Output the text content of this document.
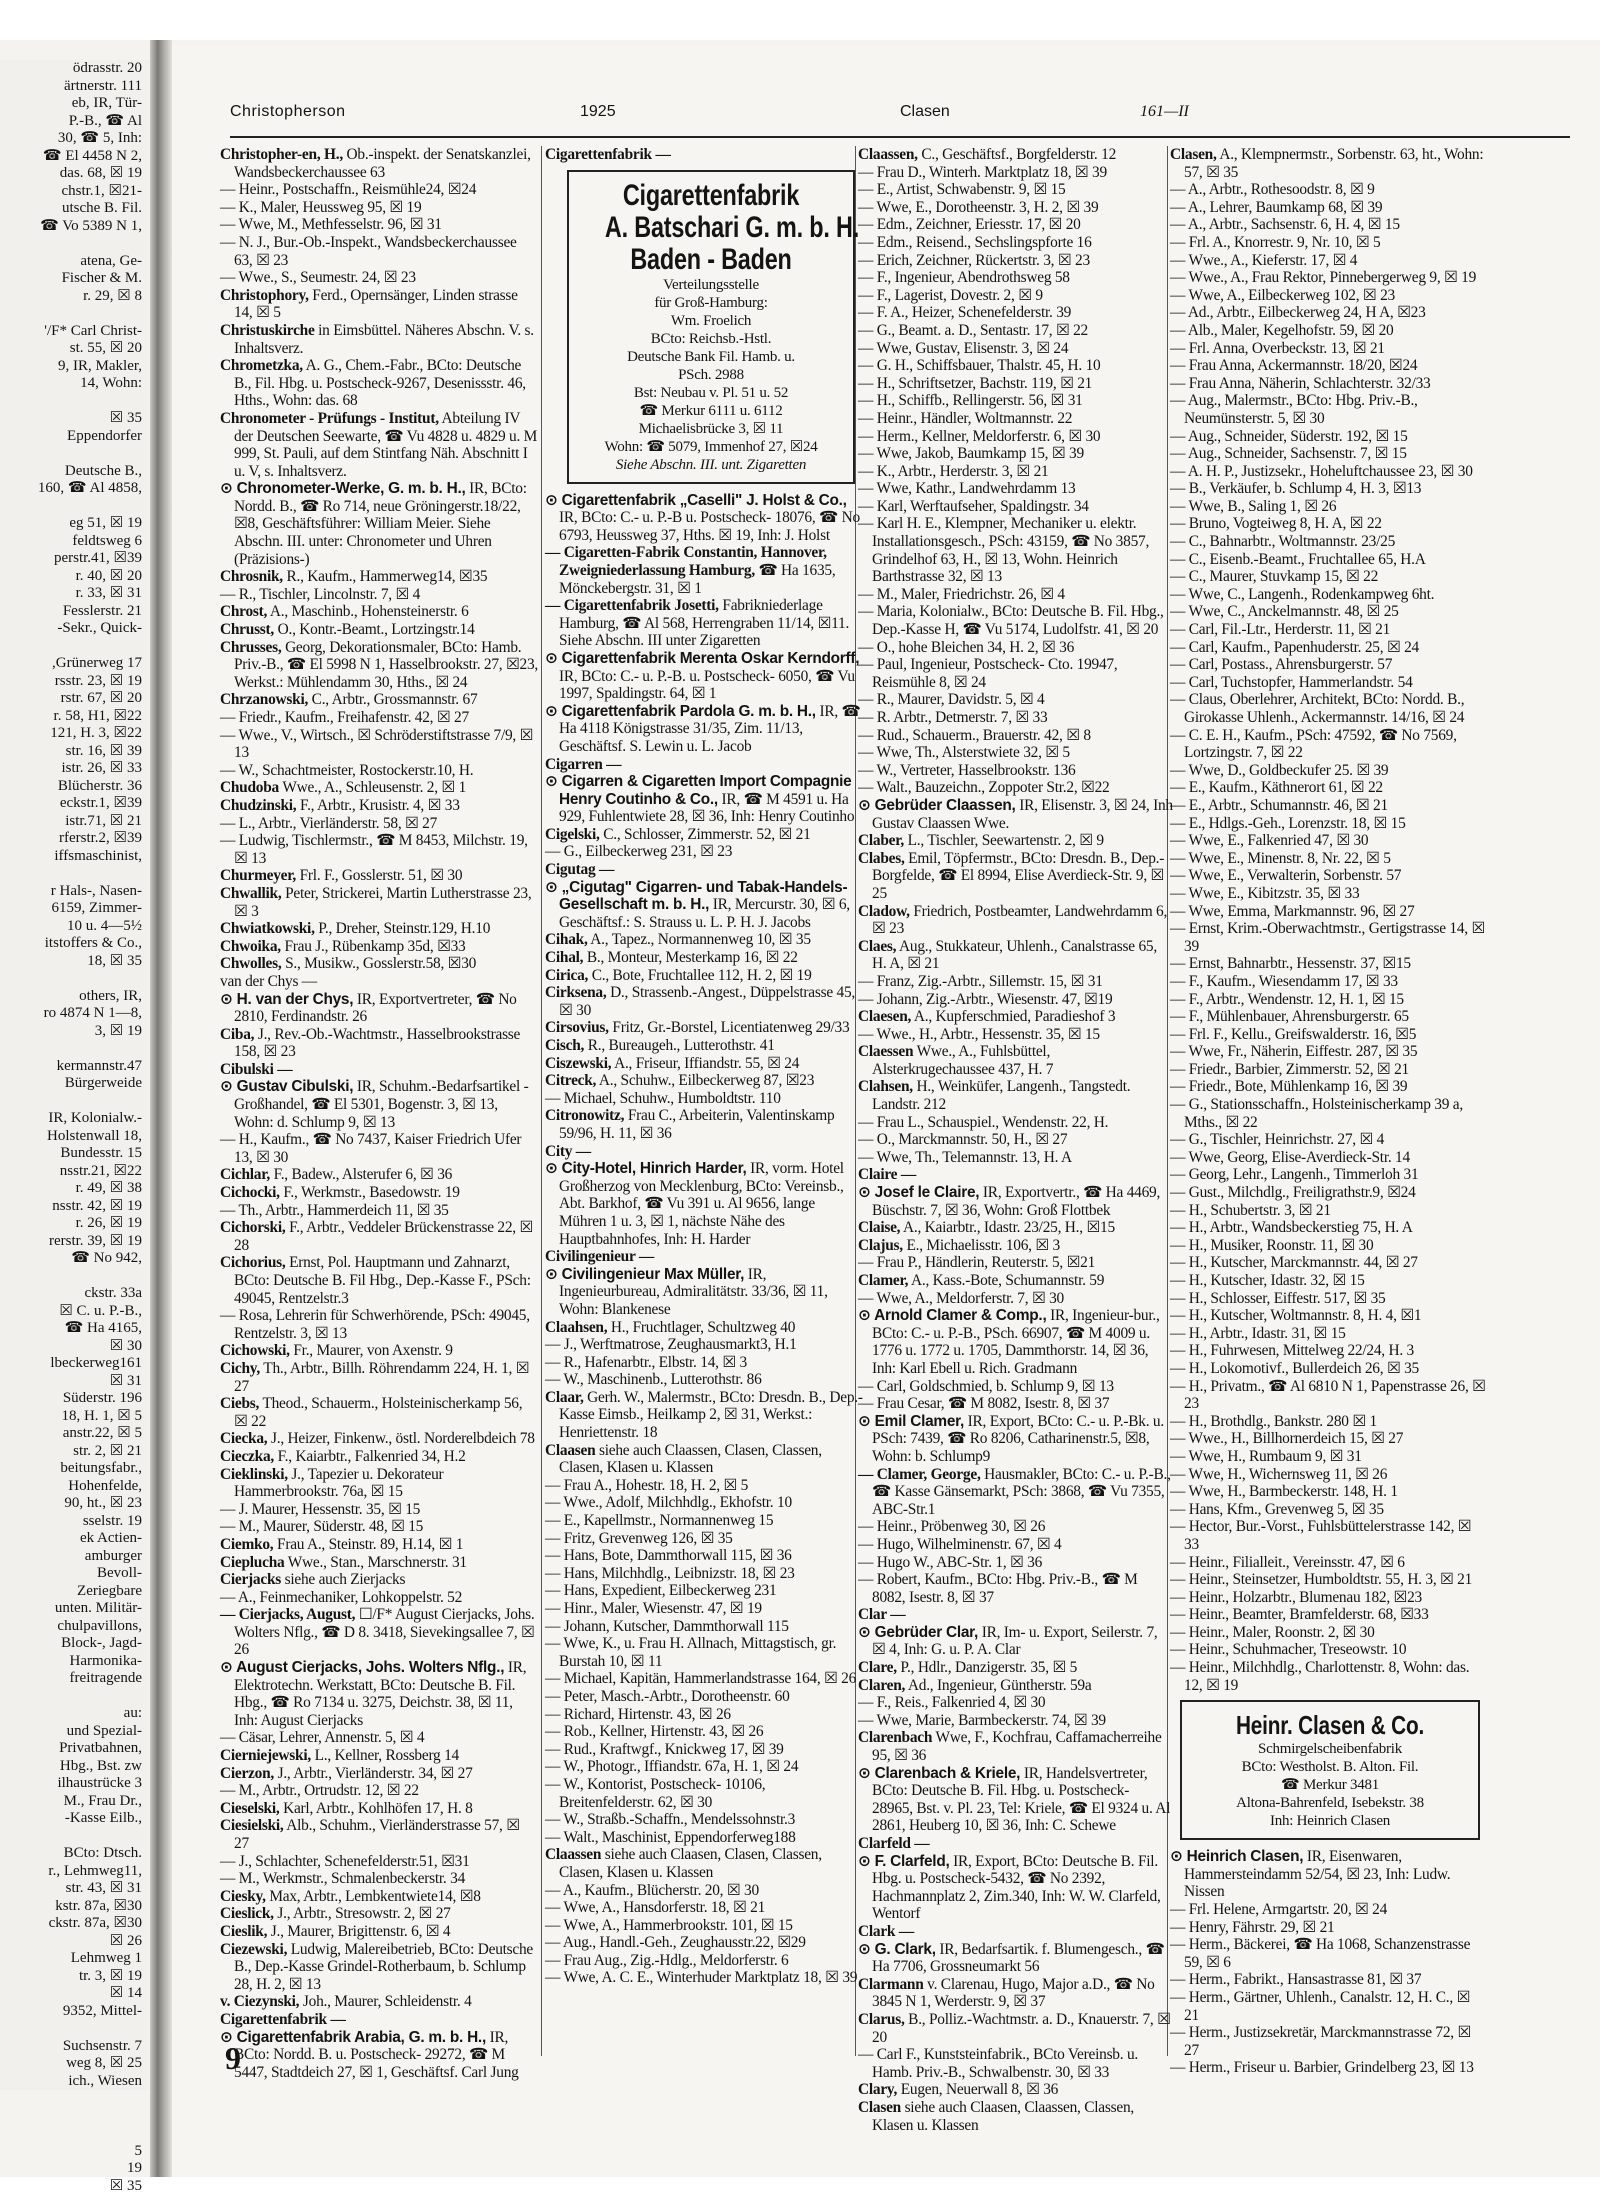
ödrasstr. 20
ärtnerstr. 111
eb, IR, Tür-
P.-B., ☎ Al
30, ☎ 5, Inh:
☎ El 4458 N 2,
das. 68, ☒ 19
chstr.1, ☒21-
utsche B. Fil.
☎ Vo 5389 N 1,
atena, Ge-
Fischer & M.
r. 29, ☒ 8
'/F* Carl Christ-
st. 55, ☒ 20
9, IR, Makler,
14, Wohn:
☒ 35
Eppendorfer
Deutsche B.,
160, ☎ Al 4858,
eg 51, ☒ 19
feldtsweg 6
perstr.41, ☒39
r. 40, ☒ 20
r. 33, ☒ 31
Fesslerstr. 21
-Sekr., Quick-
,Grünerweg 17
rsstr. 23, ☒ 19
rstr. 67, ☒ 20
r. 58, H1, ☒22
121, H. 3, ☒22
str. 16, ☒ 39
istr. 26, ☒ 33
Blücherstr. 36
eckstr.1, ☒39
istr.71, ☒ 21
rferstr.2, ☒39
iffsmaschinist,
r Hals-, Nasen-
6159, Zimmer-
10 u. 4—5½
itstoffers & Co.,
18, ☒ 35
others, IR,
ro 4874 N 1—8,
3, ☒ 19
kermannstr.47
Bürgerweide
IR, Kolonialw.-
Holstenwall 18,
Bundesstr. 15
nsstr.21, ☒22
r. 49, ☒ 38
nsstr. 42, ☒ 19
r. 26, ☒ 19
rerstr. 39, ☒ 19
☎ No 942,
ckstr. 33a
☒ C. u. P.-B.,
☎ Ha 4165,
☒ 30
lbeckerweg161
☒ 31
Süderstr. 196
18, H. 1, ☒ 5
anstr.22, ☒ 5
str. 2, ☒ 21
beitungsfabr.,
Hohenfelde,
90, ht., ☒ 23
sselstr. 19
ek Actien-
amburger
Bevoll-
Zeriegbare
unten. Militär-
chulpavillons,
Block-, Jagd-
Harmonika-
freitragende
au:
und Spezial-
Privatbahnen,
Hbg., Bst. zw
ilhaustrücke 3
M., Frau Dr.,
-Kasse Eilb.,
BCto: Dtsch.
r., Lehmweg11,
str. 43, ☒ 31
kstr. 87a, ☒30
ckstr. 87a, ☒30
☒ 26
Lehmweg 1
tr. 3, ☒ 19
☒ 14
9352, Mittel-
Suchsenstr. 7
weg 8, ☒ 25
ich., Wiesen
5
19
☒ 35
Christopherson	1925	Clasen	161—II
Christopher-en, H., Ob.-inspekt. der Senatskanzlei, Wandsbeckerchaussee 63
— Heinr., Postschaffn., Reismühle24, ☒24
— K., Maler, Heussweg 95, ☒ 19
— Wwe, M., Methfesselstr. 96, ☒ 31
— N. J., Bur.-Ob.-Inspekt., Wandsbeckerchaussee 63, ☒ 23
— Wwe., S., Seumestr. 24, ☒ 23
Christophory, Ferd., Opernsänger, Linden strasse 14, ☒ 5
Christuskirche in Eimsbüttel. Näheres Abschn. V. s. Inhaltsverz.
Chrometzka, A. G., Chem.-Fabr., BCto: Deutsche B., Fil. Hbg. u. Postscheck-9267, Desenissstr. 46, Hths., Wohn: das. 68
Chronometer - Prüfungs - Institut, Abteilung IV der Deutschen Seewarte, ☎ Vu 4828 u. 4829 u. M 999, St. Pauli, auf dem Stintfang Näh. Abschnitt I u. V, s. Inhaltsverz.
⊙ Chronometer-Werke, G. m. b. H., IR, BCto: Nordd. B., ☎ Ro 714, neue Gröningerstr.18/22, ☒8, Geschäftsführer: William Meier. Siehe Abschn. III. unter: Chronometer und Uhren (Präzisions-)
Chrosnik, R., Kaufm., Hammerweg14, ☒35
— R., Tischler, Lincolnstr. 7, ☒ 4
Chrost, A., Maschinb., Hohensteinerstr. 6
Chrusst, O., Kontr.-Beamt., Lortzingstr.14
Chrusses, Georg, Dekorationsmaler, BCto: Hamb. Priv.-B., ☎ El 5998 N 1, Hasselbrookstr. 27, ☒23, Werkst.: Mühlendamm 30, Hths., ☒ 24
Chrzanowski, C., Arbtr., Grossmannstr. 67
— Friedr., Kaufm., Freihafenstr. 42, ☒ 27
— Wwe., V., Wirtsch., ☒ Schröderstiftstrasse 7/9, ☒ 13
— W., Schachtmeister, Rostockerstr.10, H.
Chudoba Wwe., A., Schleusenstr. 2, ☒ 1
Chudzinski, F., Arbtr., Krusistr. 4, ☒ 33
— L., Arbtr., Vierländerstr. 58, ☒ 27
— Ludwig, Tischlermstr., ☎ M 8453, Milchstr. 19, ☒ 13
Churmeyer, Frl. F., Gosslerstr. 51, ☒ 30
Chwallik, Peter, Strickerei, Martin Lutherstrasse 23, ☒ 3
Chwiatkowski, P., Dreher, Steinstr.129, H.10
Chwoika, Frau J., Rübenkamp 35d, ☒33
Chwolles, S., Musikw., Gosslerstr.58, ☒30
van der Chys —
⊙ H. van der Chys, IR, Exportvertreter, ☎ No 2810, Ferdinandstr. 26
Ciba, J., Rev.-Ob.-Wachtmstr., Hasselbrookstrasse 158, ☒ 23
Cibulski —
⊙ Gustav Cibulski, IR, Schuhm.-Bedarfsartikel - Großhandel, ☎ El 5301, Bogenstr. 3, ☒ 13, Wohn: d. Schlump 9, ☒ 13
— H., Kaufm., ☎ No 7437, Kaiser Friedrich Ufer 13, ☒ 30
Cichlar, F., Badew., Alsterufer 6, ☒ 36
Cichocki, F., Werkmstr., Basedowstr. 19
— Th., Arbtr., Hammerdeich 11, ☒ 35
Cichorski, F., Arbtr., Veddeler Brückenstrasse 22, ☒ 28
Cichorius, Ernst, Pol. Hauptmann und Zahnarzt, BCto: Deutsche B. Fil Hbg., Dep.-Kasse F., PSch: 49045, Rentzelstr.3
— Rosa, Lehrerin für Schwerhörende, PSch: 49045, Rentzelstr. 3, ☒ 13
Cichowski, Fr., Maurer, von Axenstr. 9
Cichy, Th., Arbtr., Billh. Röhrendamm 224, H. 1, ☒ 27
Ciebs, Theod., Schauerm., Holsteinischerkamp 56, ☒ 22
Ciecka, J., Heizer, Finkenw., östl. Norderelbdeich 78
Cieczka, F., Kaiarbtr., Falkenried 34, H.2
Cieklinski, J., Tapezier u. Dekorateur Hammerbrookstr. 76a, ☒ 15
— J. Maurer, Hessenstr. 35, ☒ 15
— M., Maurer, Süderstr. 48, ☒ 15
Ciemko, Frau A., Steinstr. 89, H.14, ☒ 1
Cieplucha Wwe., Stan., Marschnerstr. 31
Cierjacks siehe auch Zierjacks
— A., Feinmechaniker, Lohkoppelstr. 52
— Cierjacks, August, ☐/F* August Cierjacks, Johs. Wolters Nflg., ☎ D 8. 3418, Sievekingsallee 7, ☒ 26
⊙ August Cierjacks, Johs. Wolters Nflg., IR, Elektrotechn. Werkstatt, BCto: Deutsche B. Fil. Hbg., ☎ Ro 7134 u. 3275, Deichstr. 38, ☒ 11, Inh: August Cierjacks
— Cäsar, Lehrer, Annenstr. 5, ☒ 4
Cierniejewski, L., Kellner, Rossberg 14
Cierzon, J., Arbtr., Vierländerstr. 34, ☒ 27
— M., Arbtr., Ortrudstr. 12, ☒ 22
Cieselski, Karl, Arbtr., Kohlhöfen 17, H. 8
Ciesielski, Alb., Schuhm., Vierländerstrasse 57, ☒ 27
— J., Schlachter, Schenefelderstr.51, ☒31
— M., Werkmstr., Schmalenbeckerstr. 34
Ciesky, Max, Arbtr., Lembkentwiete14, ☒8
Cieslick, J., Arbtr., Stresowstr. 2, ☒ 27
Cieslik, J., Maurer, Brigittenstr. 6, ☒ 4
Ciezewski, Ludwig, Malereibetrieb, BCto: Deutsche B., Dep.-Kasse Grindel-Rotherbaum, b. Schlump 28, H. 2, ☒ 13
v. Ciezynski, Joh., Maurer, Schleidenstr. 4
Cigarettenfabrik —
⊙ Cigarettenfabrik Arabia, G. m. b. H., IR, BCto: Nordd. B. u. Postscheck- 29272, ☎ M 5447, Stadtdeich 27, ☒ 1, Geschäftsf. Carl Jung
Cigarettenfabrik —
Cigarettenfabrik
A. Batschari G. m. b. H.
Baden - Baden
Verteilungsstelle
für Groß-Hamburg:
Wm. Froelich
BCto: Reichsb.-Hstl.
Deutsche Bank Fil. Hamb. u.
PSch. 2988
Bst: Neubau v. Pl. 51 u. 52
☎ Merkur 6111 u. 6112
Michaelisbrücke 3, ☒ 11
Wohn: ☎ 5079, Immenhof 27, ☒24
Siehe Abschn. III. unt. Zigaretten
⊙ Cigarettenfabrik „Caselli" J. Holst & Co., IR, BCto: C.- u. P.-B u. Postscheck- 18076, ☎ No 6793, Heussweg 37, Hths. ☒ 19, Inh: J. Holst
— Cigaretten-Fabrik Constantin, Hannover, Zweigniederlassung Hamburg, ☎ Ha 1635, Mönckebergstr. 31, ☒ 1
— Cigarettenfabrik Josetti, Fabrikniederlage Hamburg, ☎ Al 568, Herrengraben 11/14, ☒11. Siehe Abschn. III unter Zigaretten
⊙ Cigarettenfabrik Merenta Oskar Kerndorff, IR, BCto: C.- u. P.-B. u. Postscheck- 6050, ☎ Vu 1997, Spaldingstr. 64, ☒ 1
⊙ Cigarettenfabrik Pardola G. m. b. H., IR, ☎ Ha 4118 Königstrasse 31/35, Zim. 11/13, Geschäftsf. S. Lewin u. L. Jacob
Cigarren —
⊙ Cigarren & Cigaretten Import Compagnie Henry Coutinho & Co., IR, ☎ M 4591 u. Ha 929, Fuhlentwiete 28, ☒ 36, Inh: Henry Coutinho
Cigelski, C., Schlosser, Zimmerstr. 52, ☒ 21
— G., Eilbeckerweg 231, ☒ 23
Cigutag —
⊙ „Cigutag" Cigarren- und Tabak-Handels-Gesellschaft m. b. H., IR, Mercurstr. 30, ☒ 6, Geschäftsf.: S. Strauss u. L. P. H. J. Jacobs
Cihak, A., Tapez., Normannenweg 10, ☒ 35
Cihal, B., Monteur, Mesterkamp 16, ☒ 22
Cirica, C., Bote, Fruchtallee 112, H. 2, ☒ 19
Cirksena, D., Strassenb.-Angest., Düppelstrasse 45, ☒ 30
Cirsovius, Fritz, Gr.-Borstel, Licentiatenweg 29/33
Cisch, R., Bureaugeh., Lutterothstr. 41
Ciszewski, A., Friseur, Iffiandstr. 55, ☒ 24
Citreck, A., Schuhw., Eilbeckerweg 87, ☒23
— Michael, Schuhw., Humboldtstr. 110
Citronowitz, Frau C., Arbeiterin, Valentinskamp 59/96, H. 11, ☒ 36
City —
⊙ City-Hotel, Hinrich Harder, IR, vorm. Hotel Großherzog von Mecklenburg, BCto: Vereinsb., Abt. Barkhof, ☎ Vu 391 u. Al 9656, lange Mühren 1 u. 3, ☒ 1, nächste Nähe des Hauptbahnhofes, Inh: H. Harder
Civilingenieur —
⊙ Civilingenieur Max Müller, IR, Ingenieurbureau, Admiralitätstr. 33/36, ☒ 11, Wohn: Blankenese
Claahsen, H., Fruchtlager, Schultzweg 40
— J., Werftmatrose, Zeughausmarkt3, H.1
— R., Hafenarbtr., Elbstr. 14, ☒ 3
— W., Maschinenb., Lutterothstr. 86
Claar, Gerh. W., Malermstr., BCto: Dresdn. B., Dep.-Kasse Eimsb., Heilkamp 2, ☒ 31, Werkst.: Henriettenstr. 18
Claasen siehe auch Claassen, Clasen, Classen, Clasen, Klasen u. Klassen
— Frau A., Hohestr. 18, H. 2, ☒ 5
— Wwe., Adolf, Milchhdlg., Ekhofstr. 10
— E., Kapellmstr., Normannenweg 15
— Fritz, Grevenweg 126, ☒ 35
— Hans, Bote, Dammthorwall 115, ☒ 36
— Hans, Milchhdlg., Leibnizstr. 18, ☒ 23
— Hans, Expedient, Eilbeckerweg 231
— Hinr., Maler, Wiesenstr. 47, ☒ 19
— Johann, Kutscher, Dammthorwall 115
— Wwe, K., u. Frau H. Allnach, Mittagstisch, gr. Burstah 10, ☒ 11
— Michael, Kapitän, Hammerlandstrasse 164, ☒ 26
— Peter, Masch.-Arbtr., Dorotheenstr. 60
— Richard, Hirtenstr. 43, ☒ 26
— Rob., Kellner, Hirtenstr. 43, ☒ 26
— Rud., Kraftwgf., Knickweg 17, ☒ 39
— W., Photogr., Iffiandstr. 67a, H. 1, ☒ 24
— W., Kontorist, Postscheck- 10106, Breitenfelderstr. 62, ☒ 30
— W., Straßb.-Schaffn., Mendelssohnstr.3
— Walt., Maschinist, Eppendorferweg188
Claassen siehe auch Claasen, Clasen, Classen, Clasen, Klasen u. Klassen
— A., Kaufm., Blücherstr. 20, ☒ 30
— Wwe, A., Hansdorferstr. 18, ☒ 21
— Wwe, A., Hammerbrookstr. 101, ☒ 15
— Aug., Handl.-Geh., Zeughausstr.22, ☒29
— Frau Aug., Zig.-Hdlg., Meldorferstr. 6
— Wwe, A. C. E., Winterhuder Marktplatz 18, ☒ 39
Claassen, C., Geschäftsf., Borgfelderstr. 12
— Frau D., Winterh. Marktplatz 18, ☒ 39
— E., Artist, Schwabenstr. 9, ☒ 15
— Wwe, E., Dorotheenstr. 3, H. 2, ☒ 39
— Edm., Zeichner, Eriesstr. 17, ☒ 20
— Edm., Reisend., Sechslingspforte 16
— Erich, Zeichner, Rückertstr. 3, ☒ 23
— F., Ingenieur, Abendrothsweg 58
— F., Lagerist, Dovestr. 2, ☒ 9
— F. A., Heizer, Schenefelderstr. 39
— G., Beamt. a. D., Sentastr. 17, ☒ 22
— Wwe, Gustav, Elisenstr. 3, ☒ 24
— G. H., Schiffsbauer, Thalstr. 45, H. 10
— H., Schriftsetzer, Bachstr. 119, ☒ 21
— H., Schiffb., Rellingerstr. 56, ☒ 31
— Heinr., Händler, Woltmannstr. 22
— Herm., Kellner, Meldorferstr. 6, ☒ 30
— Wwe, Jakob, Baumkamp 15, ☒ 39
— K., Arbtr., Herderstr. 3, ☒ 21
— Wwe, Kathr., Landwehrdamm 13
— Karl, Werftaufseher, Spaldingstr. 34
— Karl H. E., Klempner, Mechaniker u. elektr. Installationsgesch., PSch: 43159, ☎ No 3857, Grindelhof 63, H., ☒ 13, Wohn. Heinrich Barthstrasse 32, ☒ 13
— M., Maler, Friedrichstr. 26, ☒ 4
— Maria, Kolonialw., BCto: Deutsche B. Fil. Hbg., Dep.-Kasse H, ☎ Vu 5174, Ludolfstr. 41, ☒ 20
— O., hohe Bleichen 34, H. 2, ☒ 36
— Paul, Ingenieur, Postscheck- Cto. 19947, Reismühle 8, ☒ 24
— R., Maurer, Davidstr. 5, ☒ 4
— R. Arbtr., Detmerstr. 7, ☒ 33
— Rud., Schauerm., Brauerstr. 42, ☒ 8
— Wwe, Th., Alsterstwiete 32, ☒ 5
— W., Vertreter, Hasselbrookstr. 136
— Walt., Bauzeichn., Zoppoter Str.2, ☒22
⊙ Gebrüder Claassen, IR, Elisenstr. 3, ☒ 24, Inh Gustav Claassen Wwe.
Claber, L., Tischler, Seewartenstr. 2, ☒ 9
Clabes, Emil, Töpfermstr., BCto: Dresdn. B., Dep.-Borgfelde, ☎ El 8994, Elise Averdieck-Str. 9, ☒ 25
Cladow, Friedrich, Postbeamter, Landwehrdamm 6, ☒ 23
Claes, Aug., Stukkateur, Uhlenh., Canalstrasse 65, H. A, ☒ 21
— Franz, Zig.-Arbtr., Sillemstr. 15, ☒ 31
— Johann, Zig.-Arbtr., Wiesenstr. 47, ☒19
Claesen, A., Kupferschmied, Paradieshof 3
— Wwe., H., Arbtr., Hessenstr. 35, ☒ 15
Claessen Wwe., A., Fuhlsbüttel, Alsterkrugechaussee 437, H. 7
Clahsen, H., Weinküfer, Langenh., Tangstedt. Landstr. 212
— Frau L., Schauspiel., Wendenstr. 22, H.
— O., Marckmannstr. 50, H., ☒ 27
— Wwe, Th., Telemannstr. 13, H. A
Claire —
⊙ Josef le Claire, IR, Exportvertr., ☎ Ha 4469, Büschstr. 7, ☒ 36, Wohn: Groß Flottbek
Claise, A., Kaiarbtr., Idastr. 23/25, H., ☒15
Clajus, E., Michaelisstr. 106, ☒ 3
— Frau P., Händlerin, Reuterstr. 5, ☒21
Clamer, A., Kass.-Bote, Schumannstr. 59
— Wwe, A., Meldorferstr. 7, ☒ 30
⊙ Arnold Clamer & Comp., IR, Ingenieur-bur., BCto: C.- u. P.-B., PSch. 66907, ☎ M 4009 u. 1776 u. 1772 u. 1705, Dammthorstr. 14, ☒ 36, Inh: Karl Ebell u. Rich. Gradmann
— Carl, Goldschmied, b. Schlump 9, ☒ 13
— Frau Cesar, ☎ M 8082, Isestr. 8, ☒ 37
⊙ Emil Clamer, IR, Export, BCto: C.- u. P.-Bk. u. PSch: 7439, ☎ Ro 8206, Catharinenstr.5, ☒8, Wohn: b. Schlump9
— Clamer, George, Hausmakler, BCto: C.- u. P.-B., ☎ Kasse Gänsemarkt, PSch: 3868, ☎ Vu 7355, ABC-Str.1
— Heinr., Pröbenweg 30, ☒ 26
— Hugo, Wilhelminenstr. 67, ☒ 4
— Hugo W., ABC-Str. 1, ☒ 36
— Robert, Kaufm., BCto: Hbg. Priv.-B., ☎ M 8082, Isestr. 8, ☒ 37
Clar —
⊙ Gebrüder Clar, IR, Im- u. Export, Seilerstr. 7, ☒ 4, Inh: G. u. P. A. Clar
Clare, P., Hdlr., Danzigerstr. 35, ☒ 5
Claren, Ad., Ingenieur, Güntherstr. 59a
— F., Reis., Falkenried 4, ☒ 30
— Wwe, Marie, Barmbeckerstr. 74, ☒ 39
Clarenbach Wwe, F., Kochfrau, Caffamacherreihe 95, ☒ 36
⊙ Clarenbach & Kriele, IR, Handelsvertreter, BCto: Deutsche B. Fil. Hbg. u. Postscheck- 28965, Bst. v. Pl. 23, Tel: Kriele, ☎ El 9324 u. Al 2861, Heuberg 10, ☒ 36, Inh: C. Schewe
Clarfeld —
⊙ F. Clarfeld, IR, Export, BCto: Deutsche B. Fil. Hbg. u. Postscheck-5432, ☎ No 2392, Hachmannplatz 2, Zim.340, Inh: W. W. Clarfeld, Wentorf
Clark —
⊙ G. Clark, IR, Bedarfsartik. f. Blumengesch., ☎ Ha 7706, Grossneumarkt 56
Clarmann v. Clarenau, Hugo, Major a.D., ☎ No 3845 N 1, Werderstr. 9, ☒ 37
Clarus, B., Polliz.-Wachtmstr. a. D., Knauerstr. 7, ☒ 20
— Carl F., Kunststeinfabrik., BCto Vereinsb. u. Hamb. Priv.-B., Schwalbenstr. 30, ☒ 33
Clary, Eugen, Neuerwall 8, ☒ 36
Clasen siehe auch Claasen, Claassen, Classen, Klasen u. Klassen
Clasen, A., Klempnermstr., Sorbenstr. 63, ht., Wohn: 57, ☒ 35
— A., Arbtr., Rothesoodstr. 8, ☒ 9
— A., Lehrer, Baumkamp 68, ☒ 39
— A., Arbtr., Sachsenstr. 6, H. 4, ☒ 15
— Frl. A., Knorrestr. 9, Nr. 10, ☒ 5
— Wwe., A., Kieferstr. 17, ☒ 4
— Wwe., A., Frau Rektor, Pinnebergerweg 9, ☒ 19
— Wwe, A., Eilbeckerweg 102, ☒ 23
— Ad., Arbtr., Eilbeckerweg 24, H A, ☒23
— Alb., Maler, Kegelhofstr. 59, ☒ 20
— Frl. Anna, Overbeckstr. 13, ☒ 21
— Frau Anna, Ackermannstr. 18/20, ☒24
— Frau Anna, Näherin, Schlachterstr. 32/33
— Aug., Malermstr., BCto: Hbg. Priv.-B., Neumünsterstr. 5, ☒ 30
— Aug., Schneider, Süderstr. 192, ☒ 15
— Aug., Schneider, Sachsenstr. 7, ☒ 15
— A. H. P., Justizsekr., Hoheluftchaussee 23, ☒ 30
— B., Verkäufer, b. Schlump 4, H. 3, ☒13
— Wwe, B., Saling 1, ☒ 26
— Bruno, Vogteiweg 8, H. A, ☒ 22
— C., Bahnarbtr., Woltmannstr. 23/25
— C., Eisenb.-Beamt., Fruchtallee 65, H.A
— C., Maurer, Stuvkamp 15, ☒ 22
— Wwe, C., Langenh., Rodenkampweg 6ht.
— Wwe, C., Anckelmannstr. 48, ☒ 25
— Carl, Fil.-Ltr., Herderstr. 11, ☒ 21
— Carl, Kaufm., Papenhuderstr. 25, ☒ 24
— Carl, Postass., Ahrensburgerstr. 57
— Carl, Tuchstopfer, Hammerlandstr. 54
— Claus, Oberlehrer, Architekt, BCto: Nordd. B., Girokasse Uhlenh., Ackermannstr. 14/16, ☒ 24
— C. E. H., Kaufm., PSch: 47592, ☎ No 7569, Lortzingstr. 7, ☒ 22
— Wwe, D., Goldbeckufer 25. ☒ 39
— E., Kaufm., Käthnerort 61, ☒ 22
— E., Arbtr., Schumannstr. 46, ☒ 21
— E., Hdlgs.-Geh., Lorenzstr. 18, ☒ 15
— Wwe, E., Falkenried 47, ☒ 30
— Wwe, E., Minenstr. 8, Nr. 22, ☒ 5
— Wwe, E., Verwalterin, Sorbenstr. 57
— Wwe, E., Kibitzstr. 35, ☒ 33
— Wwe, Emma, Markmannstr. 96, ☒ 27
— Ernst, Krim.-Oberwachtmstr., Gertigstrasse 14, ☒ 39
— Ernst, Bahnarbtr., Hessenstr. 37, ☒15
— F., Kaufm., Wiesendamm 17, ☒ 33
— F., Arbtr., Wendenstr. 12, H. 1, ☒ 15
— F., Mühlenbauer, Ahrensburgerstr. 65
— Frl. F., Kellu., Greifswalderstr. 16, ☒5
— Wwe, Fr., Näherin, Eiffestr. 287, ☒ 35
— Friedr., Barbier, Zimmerstr. 52, ☒ 21
— Friedr., Bote, Mühlenkamp 16, ☒ 39
— G., Stationsschaffn., Holsteinischerkamp 39 a, Mths., ☒ 22
— G., Tischler, Heinrichstr. 27, ☒ 4
— Wwe, Georg, Elise-Averdieck-Str. 14
— Georg, Lehr., Langenh., Timmerloh 31
— Gust., Milchdlg., Freiligrathstr.9, ☒24
— H., Schubertstr. 3, ☒ 21
— H., Arbtr., Wandsbeckerstieg 75, H. A
— H., Musiker, Roonstr. 11, ☒ 30
— H., Kutscher, Marckmannstr. 44, ☒ 27
— H., Kutscher, Idastr. 32, ☒ 15
— H., Schlosser, Eiffestr. 517, ☒ 35
— H., Kutscher, Woltmannstr. 8, H. 4, ☒1
— H., Arbtr., Idastr. 31, ☒ 15
— H., Fuhrwesen, Mittelweg 22/24, H. 3
— H., Lokomotivf., Bullerdeich 26, ☒ 35
— H., Privatm., ☎ Al 6810 N 1, Papenstrasse 26, ☒ 23
— H., Brothdlg., Bankstr. 280 ☒ 1
— Wwe., H., Billhornerdeich 15, ☒ 27
— Wwe, H., Rumbaum 9, ☒ 31
— Wwe, H., Wichernsweg 11, ☒ 26
— Wwe, H., Barmbeckerstr. 148, H. 1
— Hans, Kfm., Grevenweg 5, ☒ 35
— Hector, Bur.-Vorst., Fuhlsbüttelerstrasse 142, ☒ 33
— Heinr., Filialleit., Vereinsstr. 47, ☒ 6
— Heinr., Steinsetzer, Humboldtstr. 55, H. 3, ☒ 21
— Heinr., Holzarbtr., Blumenau 182, ☒23
— Heinr., Beamter, Bramfelderstr. 68, ☒33
— Heinr., Maler, Roonstr. 2, ☒ 30
— Heinr., Schuhmacher, Treseowstr. 10
— Heinr., Milchhdlg., Charlottenstr. 8, Wohn: das. 12, ☒ 19
Heinr. Clasen & Co.
Schmirgelscheibenfabrik
BCto: Westholst. B. Alton. Fil.
☎ Merkur 3481
Altona-Bahrenfeld, Isebekstr. 38
Inh: Heinrich Clasen
⊙ Heinrich Clasen, IR, Eisenwaren, Hammersteindamm 52/54, ☒ 23, Inh: Ludw. Nissen
— Frl. Helene, Armgartstr. 20, ☒ 24
— Henry, Fährstr. 29, ☒ 21
— Herm., Bäckerei, ☎ Ha 1068, Schanzenstrasse 59, ☒ 6
— Herm., Fabrikt., Hansastrasse 81, ☒ 37
— Herm., Gärtner, Uhlenh., Canalstr. 12, H. C., ☒ 21
— Herm., Justizsekretär, Marckmannstrasse 72, ☒ 27
— Herm., Friseur u. Barbier, Grindelberg 23, ☒ 13
9
